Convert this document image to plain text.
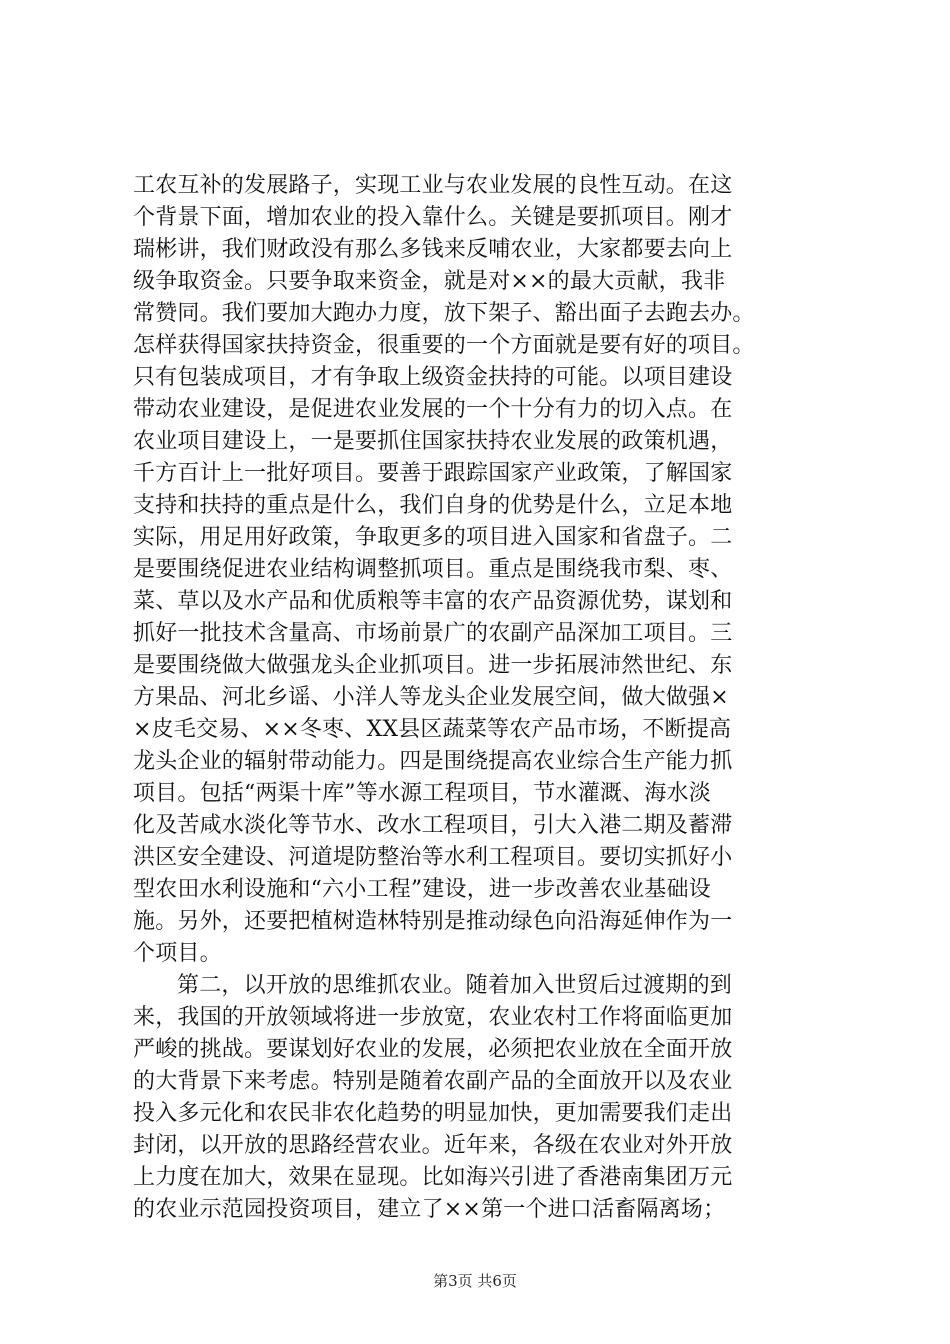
工农互补的发展路子，实现工业与农业发展的良性互动。在这
个背景下面，增加农业的投入靠什么。关键是要抓项目。刚才
瑞彬讲，我们财政没有那么多钱来反哺农业，大家都要去向上
级争取资金。只要争取来资金，就是对××的最大贡献，我非
常赞同。我们要加大跑办力度，放下架子、豁出面子去跑去办。
怎样获得国家扶持资金，很重要的一个方面就是要有好的项目。
只有包装成项目，才有争取上级资金扶持的可能。以项目建设
带动农业建设，是促进农业发展的一个十分有力的切入点。在
农业项目建设上，一是要抓住国家扶持农业发展的政策机遇，
千方百计上一批好项目。要善于跟踪国家产业政策，了解国家
支持和扶持的重点是什么，我们自身的优势是什么，立足本地
实际，用足用好政策，争取更多的项目进入国家和省盘子。二
是要围绕促进农业结构调整抓项目。重点是围绕我市梨、枣、
菜、草以及水产品和优质粮等丰富的农产品资源优势，谋划和
抓好一批技术含量高、市场前景广的农副产品深加工项目。三
是要围绕做大做强龙头企业抓项目。进一步拓展沛然世纪、东
方果品、河北乡谣、小洋人等龙头企业发展空间，做大做强×
×皮毛交易、××冬枣、XX县区蔬菜等农产品市场，不断提高
龙头企业的辐射带动能力。四是围绕提高农业综合生产能力抓
项目。包括“两渠十库”等水源工程项目，节水灌溉、海水淡
化及苦咸水淡化等节水、改水工程项目，引大入港二期及蓄滞
洪区安全建设、河道堤防整治等水利工程项目。要切实抓好小
型农田水利设施和“六小工程”建设，进一步改善农业基础设
施。另外，还要把植树造林特别是推动绿色向沿海延伸作为一
个项目。
第二，以开放的思维抓农业。随着加入世贸后过渡期的到
来，我国的开放领域将进一步放宽，农业农村工作将面临更加
严峻的挑战。要谋划好农业的发展，必须把农业放在全面开放
的大背景下来考虑。特别是随着农副产品的全面放开以及农业
投入多元化和农民非农化趋势的明显加快，更加需要我们走出
封闭，以开放的思路经营农业。近年来，各级在农业对外开放
上力度在加大，效果在显现。比如海兴引进了香港南集团万元
的农业示范园投资项目，建立了××第一个进口活畜隔离场；
第3页 共6页
